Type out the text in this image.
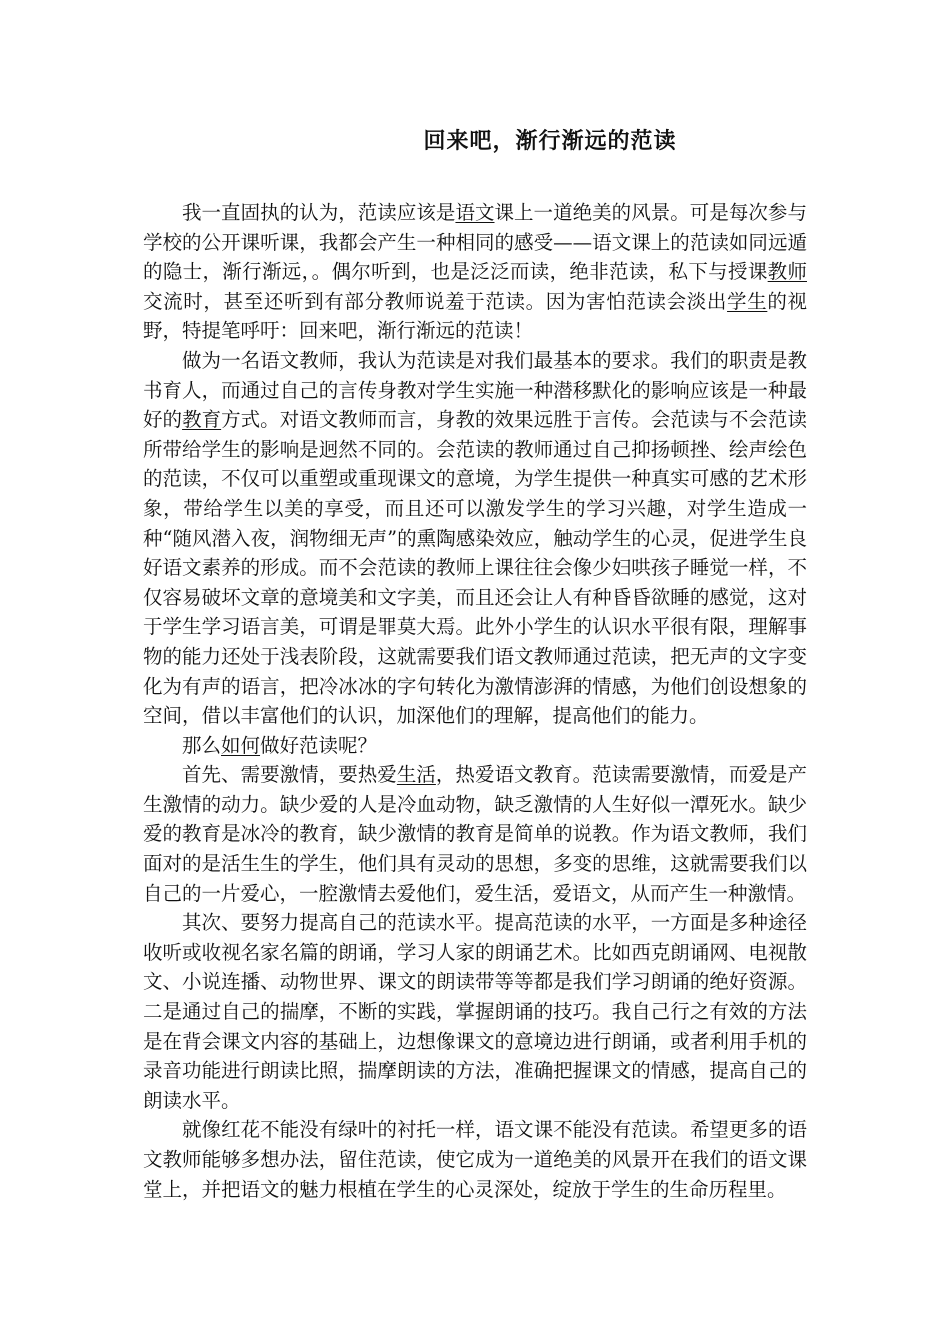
回来吧，渐行渐远的范读

我一直固执的认为，范读应该是语文课上一道绝美的风景。可是每次参与学校的公开课听课，我都会产生一种相同的感受——语文课上的范读如同远遁的隐士，渐行渐远，。偶尔听到，也是泛泛而读，绝非范读，私下与授课教师交流时，甚至还听到有部分教师说羞于范读。因为害怕范读会淡出学生的视野，特提笔呼吁：回来吧，渐行渐远的范读！

做为一名语文教师，我认为范读是对我们最基本的要求。我们的职责是教书育人，而通过自己的言传身教对学生实施一种潜移默化的影响应该是一种最好的教育方式。对语文教师而言，身教的效果远胜于言传。会范读与不会范读所带给学生的影响是迥然不同的。会范读的教师通过自己抑扬顿挫、绘声绘色的范读，不仅可以重塑或重现课文的意境，为学生提供一种真实可感的艺术形象，带给学生以美的享受，而且还可以激发学生的学习兴趣，对学生造成一种“随风潜入夜，润物细无声”的熏陶感染效应，触动学生的心灵，促进学生良好语文素养的形成。而不会范读的教师上课往往会像少妇哄孩子睡觉一样，不仅容易破坏文章的意境美和文字美，而且还会让人有种昏昏欲睡的感觉，这对于学生学习语言美，可谓是罪莫大焉。此外小学生的认识水平很有限，理解事物的能力还处于浅表阶段，这就需要我们语文教师通过范读，把无声的文字变化为有声的语言，把冷冰冰的字句转化为激情澎湃的情感，为他们创设想象的空间，借以丰富他们的认识，加深他们的理解，提高他们的能力。

那么如何做好范读呢？

首先、需要激情，要热爱生活，热爱语文教育。范读需要激情，而爱是产生激情的动力。缺少爱的人是冷血动物，缺乏激情的人生好似一潭死水。缺少爱的教育是冰冷的教育，缺少激情的教育是简单的说教。作为语文教师，我们面对的是活生生的学生，他们具有灵动的思想，多变的思维，这就需要我们以自己的一片爱心，一腔激情去爱他们，爱生活，爱语文，从而产生一种激情。

其次、要努力提高自己的范读水平。提高范读的水平，一方面是多种途径收听或收视名家名篇的朗诵，学习人家的朗诵艺术。比如西克朗诵网、电视散文、小说连播、动物世界、课文的朗读带等等都是我们学习朗诵的绝好资源。二是通过自己的揣摩，不断的实践，掌握朗诵的技巧。我自己行之有效的方法是在背会课文内容的基础上，边想像课文的意境边进行朗诵，或者利用手机的录音功能进行朗读比照，揣摩朗读的方法，准确把握课文的情感，提高自己的朗读水平。

就像红花不能没有绿叶的衬托一样，语文课不能没有范读。希望更多的语文教师能够多想办法，留住范读，使它成为一道绝美的风景开在我们的语文课堂上，并把语文的魅力根植在学生的心灵深处，绽放于学生的生命历程里。
